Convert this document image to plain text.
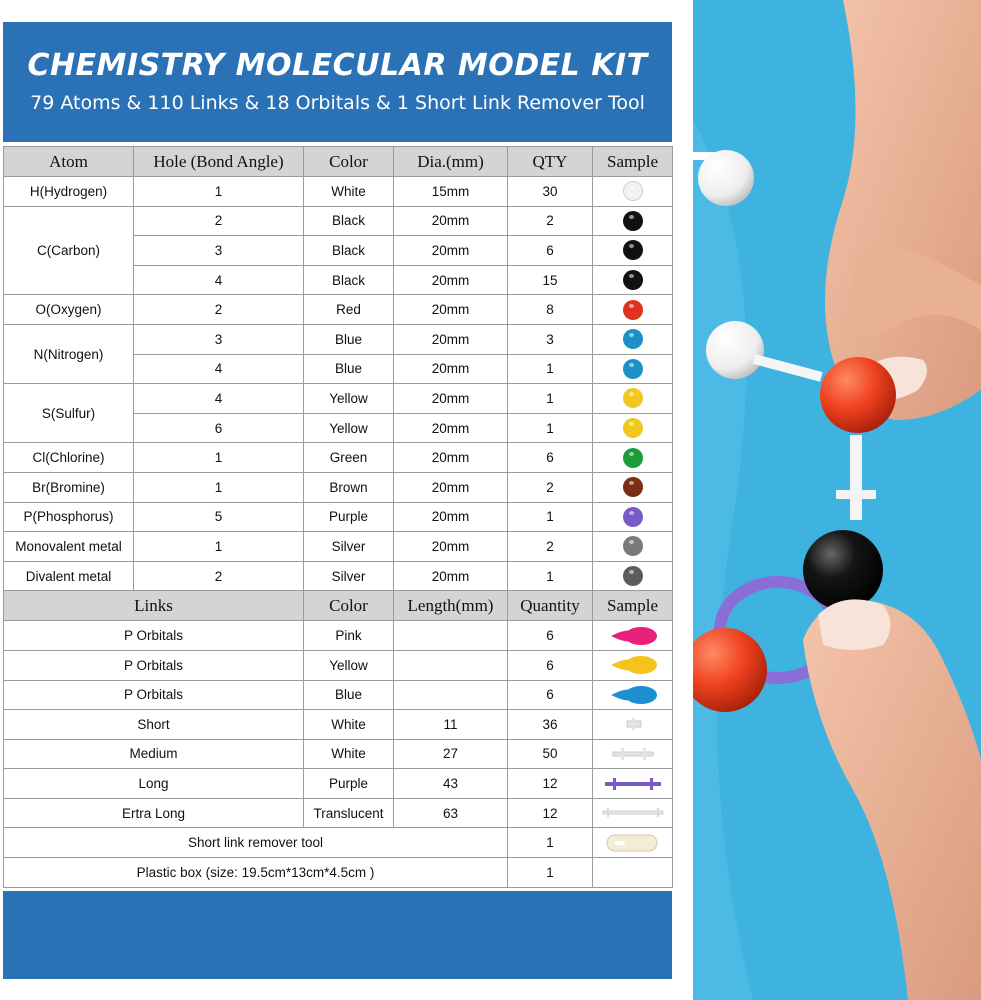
CHEMISTRY MOLECULAR MODEL KIT
79 Atoms & 110 Links & 18 Orbitals & 1 Short Link Remover Tool
Atom	Hole (Bond Angle)	Color	Dia.(mm)	QTY	Sample
H(Hydrogen)	1	White	15mm	30	
C(Carbon)	2	Black	20mm	2	
	3	Black	20mm	6	
	4	Black	20mm	15	
O(Oxygen)	2	Red	20mm	8	
N(Nitrogen)	3	Blue	20mm	3	
	4	Blue	20mm	1	
S(Sulfur)	4	Yellow	20mm	1	
	6	Yellow	20mm	1	
Cl(Chlorine)	1	Green	20mm	6	
Br(Bromine)	1	Brown	20mm	2	
P(Phosphorus)	5	Purple	20mm	1	
Monovalent metal	1	Silver	20mm	2	
Divalent metal	2	Silver	20mm	1	
Links		Color	Length(mm)	Quantity	Sample
P Orbitals		Pink		6	
P Orbitals		Yellow		6	
P Orbitals		Blue		6	
Short		White	11	36	
Medium		White	27	50	
Long		Purple	43	12	
Ertra Long		Translucent	63	12	
Short link remover tool				1	
Plastic box (size: 19.5cm*13cm*4.5cm )				1	
